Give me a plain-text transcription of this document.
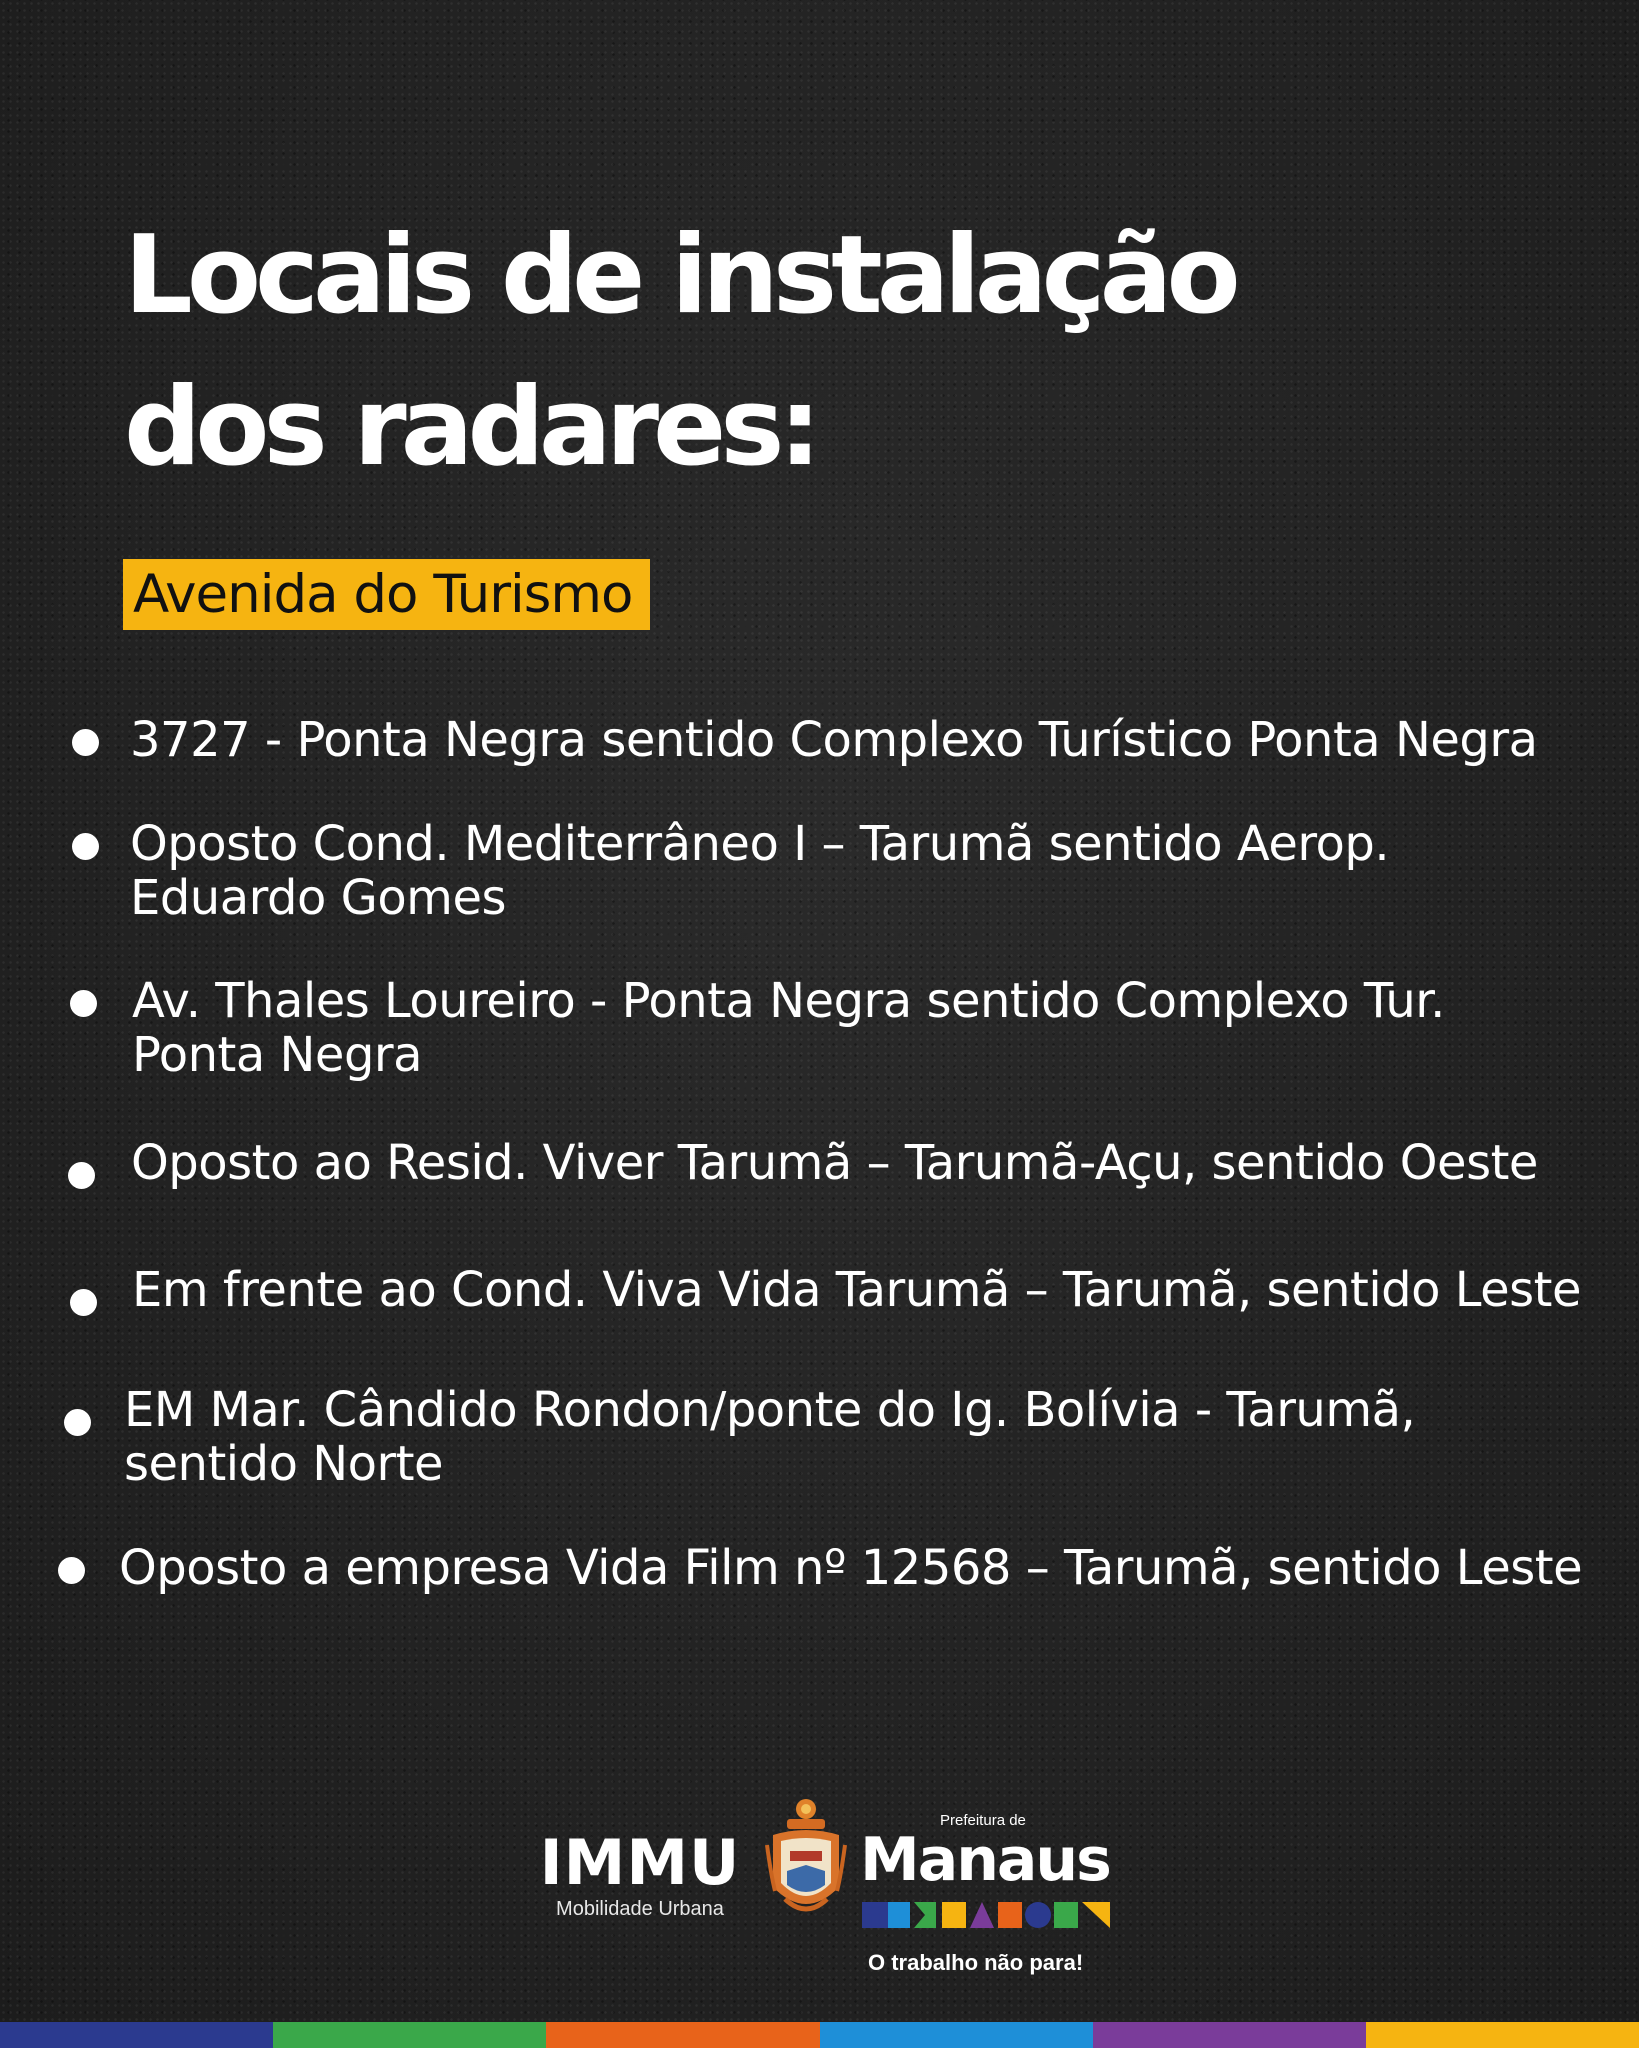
Locais de instalação
dos radares:
Avenida do Turismo
3727 - Ponta Negra sentido Complexo Turístico Ponta Negra
Oposto Cond. Mediterrâneo I – Tarumã sentido Aerop. Eduardo Gomes
Av. Thales Loureiro - Ponta Negra sentido Complexo Tur. Ponta Negra
Oposto ao Resid. Viver Tarumã – Tarumã-Açu, sentido Oeste
Em frente ao Cond. Viva Vida Tarumã – Tarumã, sentido Leste
EM Mar. Cândido Rondon/ponte do Ig. Bolívia - Tarumã, sentido Norte
Oposto a empresa Vida Film nº 12568 – Tarumã, sentido Leste
IMMU
Mobilidade Urbana
Prefeitura de
Manaus
O trabalho não para!
